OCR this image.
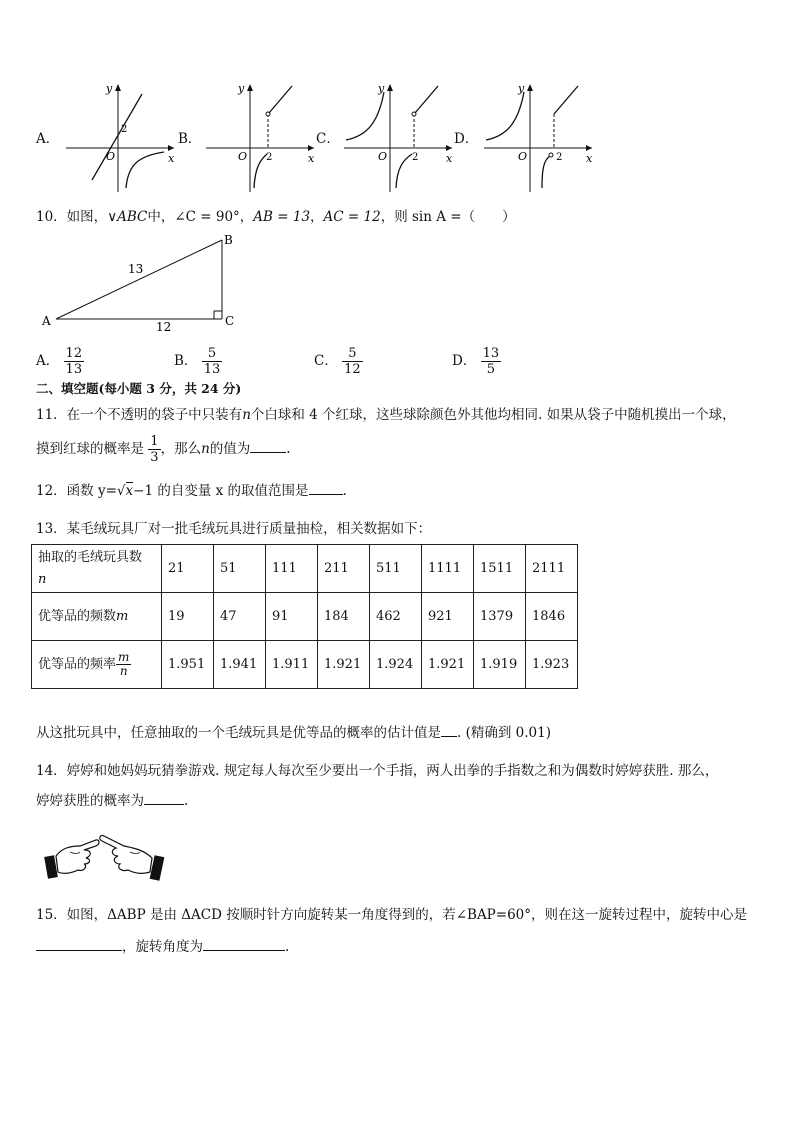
A．
y
x
O
2
B．
y
x
O 2
C．
y
x
O 2
D．
y
x
O	2
10．如图，∨ABC中，∠C = 90°，AB = 13，AC = 12，则 sin A =（　　）
A
B
C
13
12
A． $\frac{12}{13}$	B． $\frac{5}{13}$	C． $\frac{5}{12}$	D． $\frac{13}{5}$
二、填空题(每小题 3 分，共 24 分)
11．在一个不透明的袋子中只装有n个白球和 4 个红球，这些球除颜色外其他均相同. 如果从袋子中随机摸出一个球，
摸到红球的概率是 $\frac{1}{3}$ ，那么n的值为	.
12．函数 y=√x−1 的自变量 x 的取值范围是	.
13．某毛绒玩具厂对一批毛绒玩具进行质量抽检，相关数据如下：
抽取的毛绒玩具数
n	21	51	111	211	511	1111	1511	2111
优等品的频数m	19	47	91	184	462	921	1379	1846
优等品的频率 $\frac{m}{n}$	1.951	1.941	1.911	1.921	1.924	1.921	1.919	1.923
从这批玩具中，任意抽取的一个毛绒玩具是优等品的概率的估计值是 . (精确到 0.01)
14．婷婷和她妈妈玩猜拳游戏. 规定每人每次至少要出一个手指，两人出拳的手指数之和为偶数时婷婷获胜. 那么，
婷婷获胜的概率为	.
15．如图，ΔABP 是由 ΔACD 按顺时针方向旋转某一角度得到的，若∠BAP=60°，则在这一旋转过程中，旋转中心是
，旋转角度为	.
